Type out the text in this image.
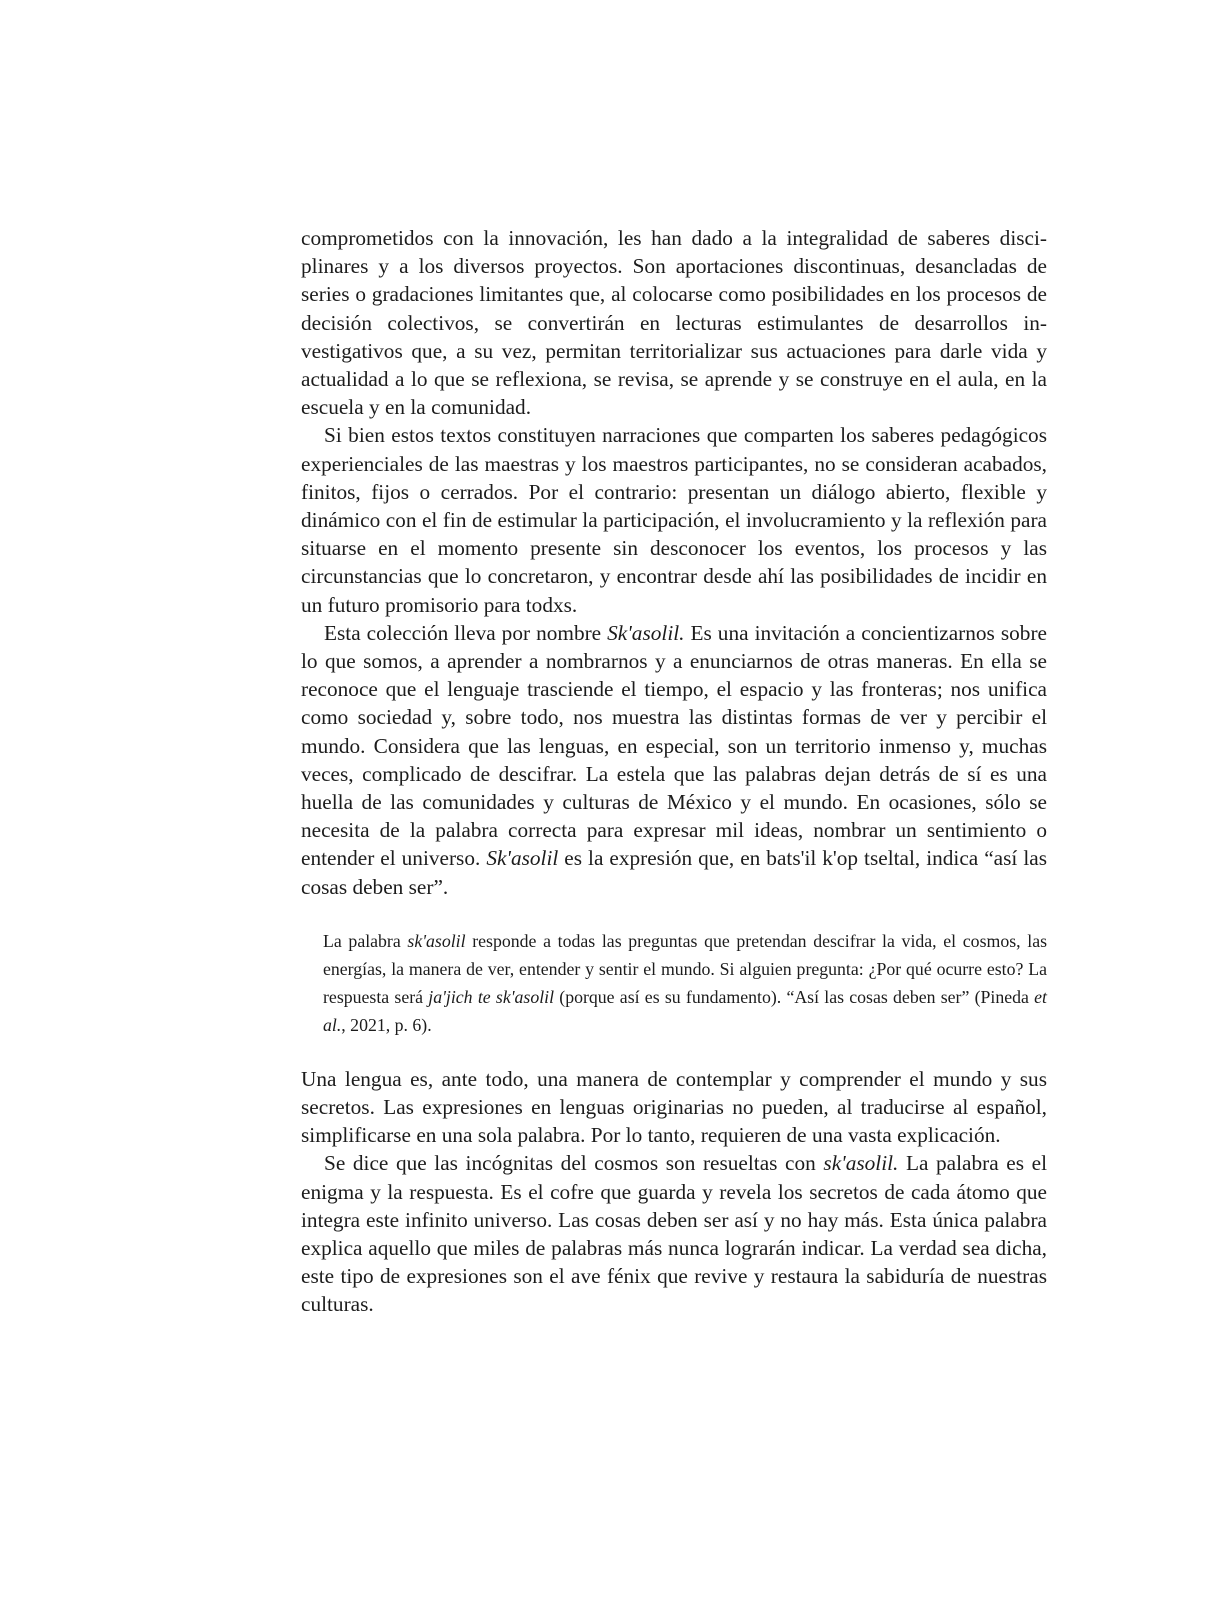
comprometidos con la innovación, les han dado a la integralidad de saberes disciplinares y a los diversos proyectos. Son aportaciones discontinuas, desancladas de series o gradaciones limitantes que, al colocarse como posibilidades en los procesos de decisión colectivos, se convertirán en lecturas estimulantes de desarrollos investigativos que, a su vez, permitan territorializar sus actuaciones para darle vida y actualidad a lo que se reflexiona, se revisa, se aprende y se construye en el aula, en la escuela y en la comunidad.

Si bien estos textos constituyen narraciones que comparten los saberes pedagógicos experienciales de las maestras y los maestros participantes, no se consideran acabados, finitos, fijos o cerrados. Por el contrario: presentan un diálogo abierto, flexible y dinámico con el fin de estimular la participación, el involucramiento y la reflexión para situarse en el momento presente sin desconocer los eventos, los procesos y las circunstancias que lo concretaron, y encontrar desde ahí las posibilidades de incidir en un futuro promisorio para todxs.

Esta colección lleva por nombre Sk'asolil. Es una invitación a concientizarnos sobre lo que somos, a aprender a nombrarnos y a enunciarnos de otras maneras. En ella se reconoce que el lenguaje trasciende el tiempo, el espacio y las fronteras; nos unifica como sociedad y, sobre todo, nos muestra las distintas formas de ver y percibir el mundo. Considera que las lenguas, en especial, son un territorio inmenso y, muchas veces, complicado de descifrar. La estela que las palabras dejan detrás de sí es una huella de las comunidades y culturas de México y el mundo. En ocasiones, sólo se necesita de la palabra correcta para expresar mil ideas, nombrar un sentimiento o entender el universo. Sk'asolil es la expresión que, en bats'il k'op tseltal, indica “así las cosas deben ser”.

La palabra sk'asolil responde a todas las preguntas que pretendan descifrar la vida, el cosmos, las energías, la manera de ver, entender y sentir el mundo. Si alguien pregunta: ¿Por qué ocurre esto? La respuesta será ja'jich te sk'asolil (porque así es su fundamento). “Así las cosas deben ser” (Pineda et al., 2021, p. 6).

Una lengua es, ante todo, una manera de contemplar y comprender el mundo y sus secretos. Las expresiones en lenguas originarias no pueden, al traducirse al español, simplificarse en una sola palabra. Por lo tanto, requieren de una vasta explicación.

Se dice que las incógnitas del cosmos son resueltas con sk'asolil. La palabra es el enigma y la respuesta. Es el cofre que guarda y revela los secretos de cada átomo que integra este infinito universo. Las cosas deben ser así y no hay más. Esta única palabra explica aquello que miles de palabras más nunca lograrán indicar. La verdad sea dicha, este tipo de expresiones son el ave fénix que revive y restaura la sabiduría de nuestras culturas.
